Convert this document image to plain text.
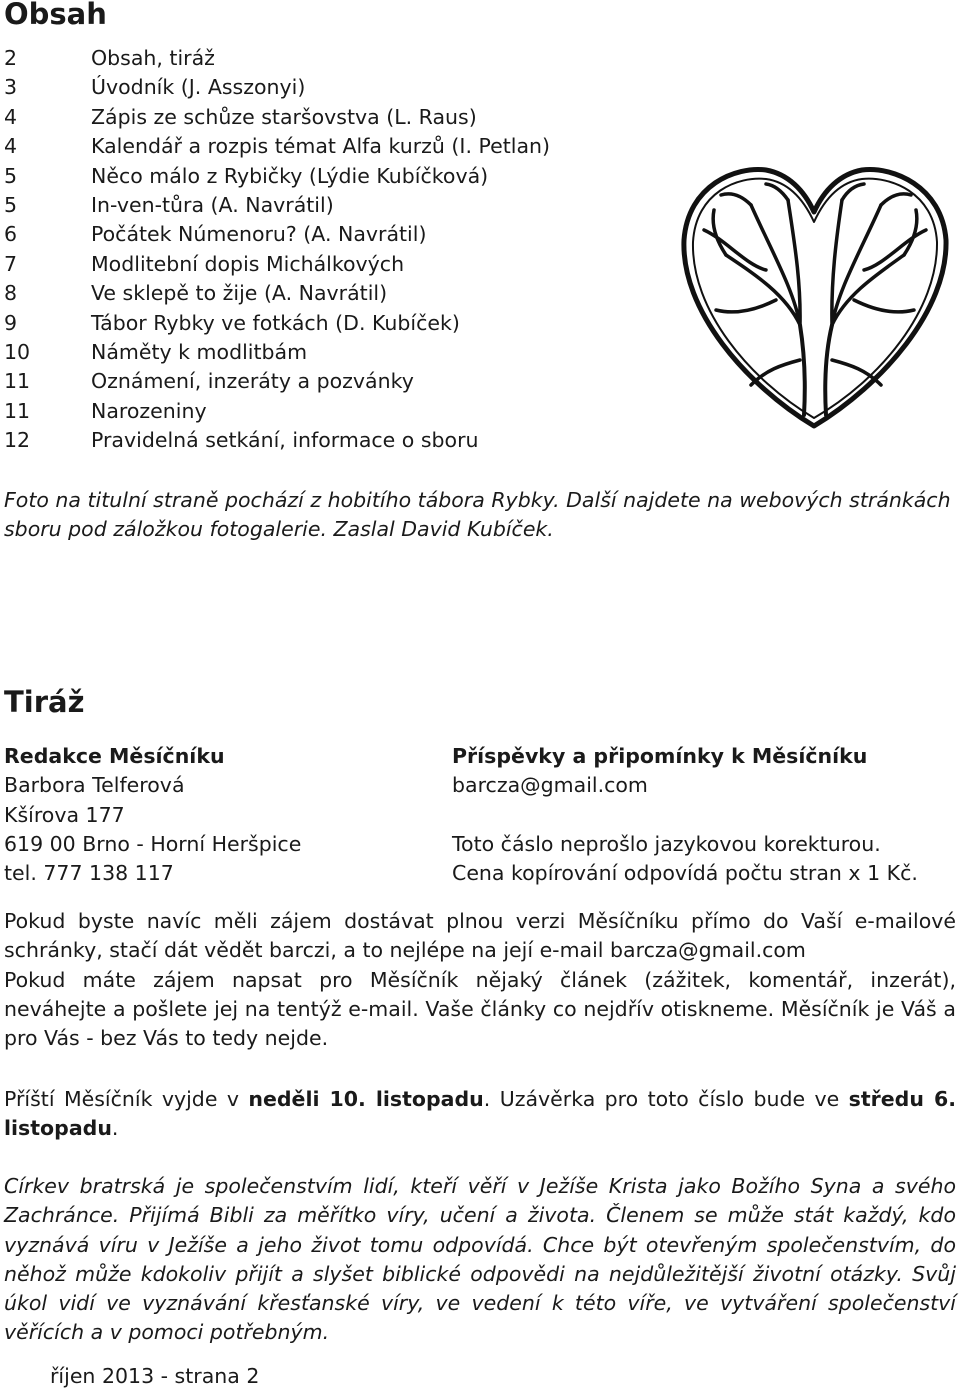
Obsah
2	Obsah, tiráž
3	Úvodník (J. Asszonyi)
4	Zápis ze schůze staršovstva (L. Raus)
4	Kalendář a rozpis témat Alfa kurzů (I. Petlan)
5	Něco málo z Rybičky (Lýdie Kubíčková)
5	In-ven-tůra (A. Navrátil)
6	Počátek Númenoru? (A. Navrátil)
7	Modlitební dopis Michálkových
8	Ve sklepě to žije (A. Navrátil)
9	Tábor Rybky ve fotkách (D. Kubíček)
10	Náměty k modlitbám
11	Oznámení, inzeráty a pozvánky
11	Narozeniny
12	Pravidelná setkání, informace o sboru

Foto na titulní straně pochází z hobitího tábora Rybky. Další najdete na webových stránkách sboru pod záložkou fotogalerie. Zaslal David Kubíček.

Tiráž
Redakce Měsíčníku
Barbora Telferová
Kšírova 177
619 00 Brno - Horní Heršpice
tel. 777 138 117
Příspěvky a připomínky k Měsíčníku
barcza@gmail.com
Toto čáslo neprošlo jazykovou korekturou.
Cena kopírování odpovídá počtu stran x 1 Kč.
Pokud byste navíc měli zájem dostávat plnou verzi Měsíčníku přímo do Vaší e-mailové schránky, stačí dát vědět barczi, a to nejlépe na její e-mail barcza@gmail.com
Pokud máte zájem napsat pro Měsíčník nějaký článek (zážitek, komentář, inzerát), neváhejte a pošlete jej na tentýž e-mail. Vaše články co nejdřív otiskneme. Měsíčník je Váš a pro Vás - bez Vás to tedy nejde.

Příští Měsíčník vyjde v neděli 10. listopadu. Uzávěrka pro toto číslo bude ve středu 6. listopadu.

Církev bratrská je společenstvím lidí, kteří věří v Ježíše Krista jako Božího Syna a svého Zachránce. Přijímá Bibli za měřítko víry, učení a života. Členem se může stát každý, kdo vyznává víru v Ježíše a jeho život tomu odpovídá. Chce být otevřeným společenstvím, do něhož může kdokoliv přijít a slyšet biblické odpovědi na nejdůležitější životní otázky. Svůj úkol vidí ve vyznávání křesťanské víry, ve vedení k této víře, ve vytváření společenství věřících a v pomoci potřebným.

říjen 2013 - strana 2
